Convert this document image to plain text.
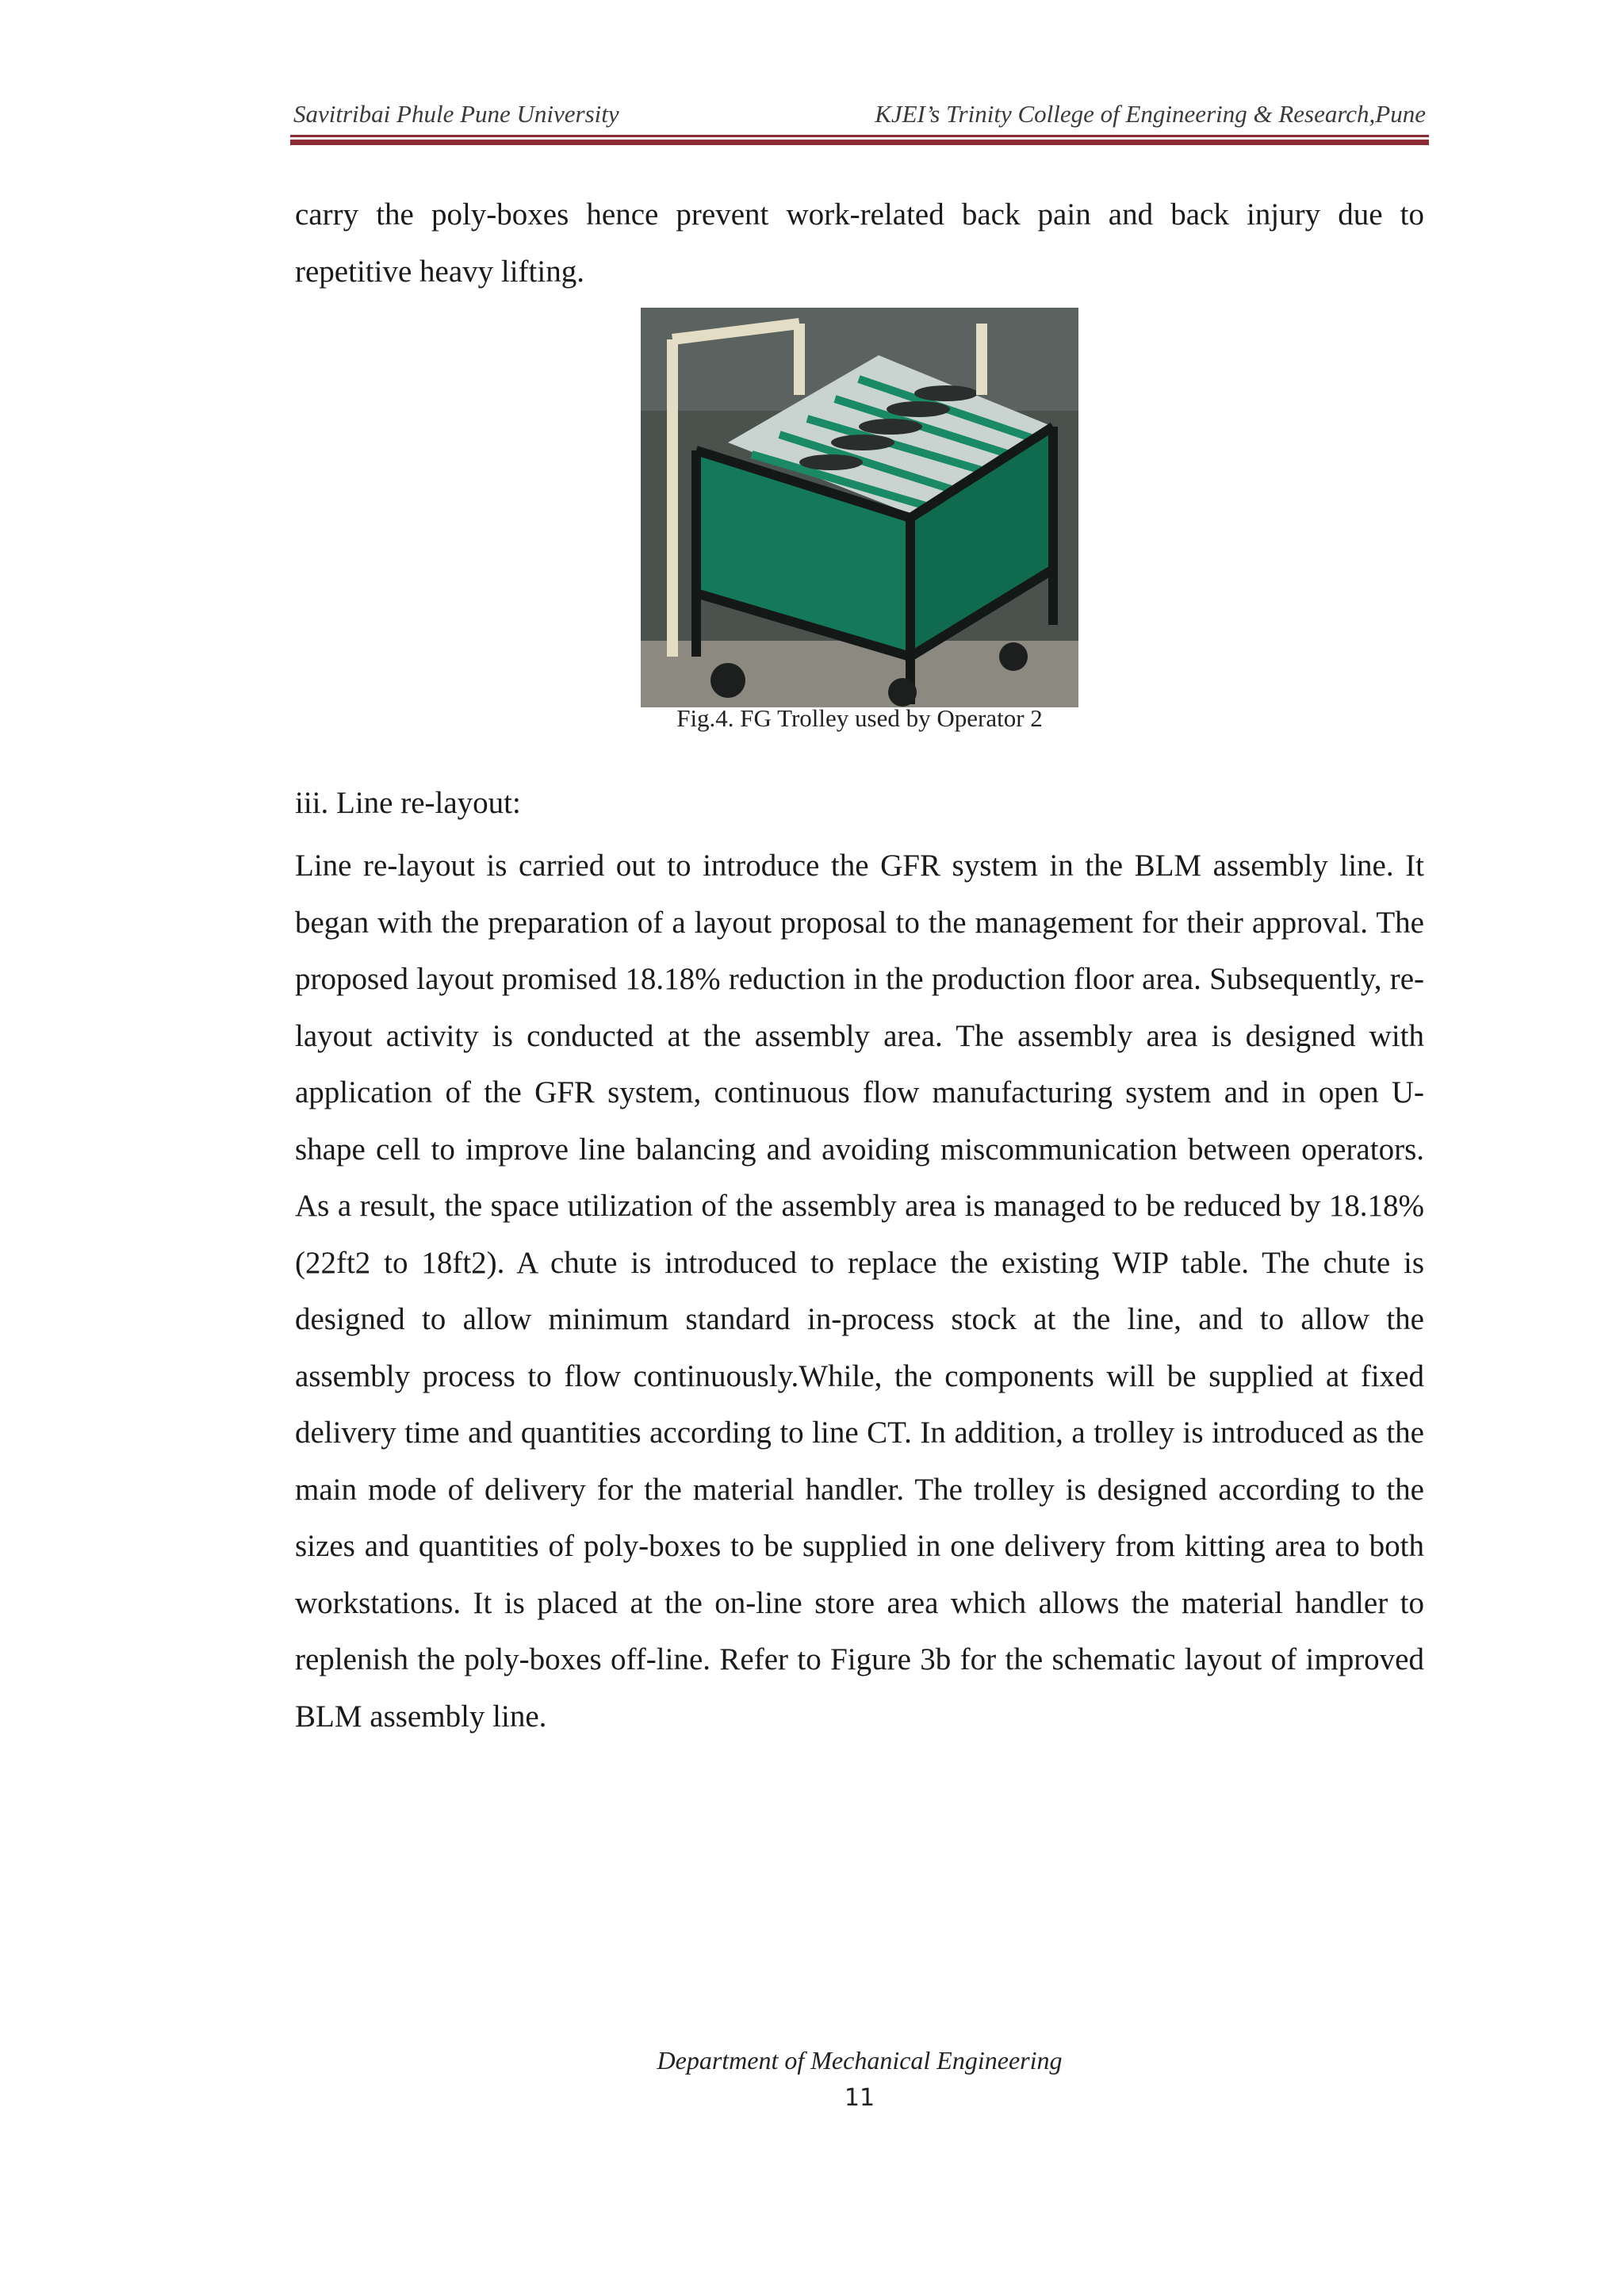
Savitribai Phule Pune University	KJEI’s Trinity College of Engineering & Research,Pune
carry the poly-boxes hence prevent work-related back pain and back injury due to repetitive heavy lifting.
Fig.4. FG Trolley used by Operator 2
iii. Line re-layout:
Line re-layout is carried out to introduce the GFR system in the BLM assembly line. It began with the preparation of a layout proposal to the management for their approval. The proposed layout promised 18.18% reduction in the production floor area. Subsequently, re-layout activity is conducted at the assembly area. The assembly area is designed with application of the GFR system, continuous flow manufacturing system and in open U-shape cell to improve line balancing and avoiding miscommunication between operators. As a result, the space utilization of the assembly area is managed to be reduced by 18.18% (22ft2 to 18ft2). A chute is introduced to replace the existing WIP table. The chute is designed to allow minimum standard in-process stock at the line, and to allow the assembly process to flow continuously.While, the components will be supplied at fixed delivery time and quantities according to line CT. In addition, a trolley is introduced as the main mode of delivery for the material handler. The trolley is designed according to the sizes and quantities of poly-boxes to be supplied in one delivery from kitting area to both workstations. It is placed at the on-line store area which allows the material handler to replenish the poly-boxes off-line. Refer to Figure 3b for the schematic layout of improved BLM assembly line.
Department of Mechanical Engineering
11
